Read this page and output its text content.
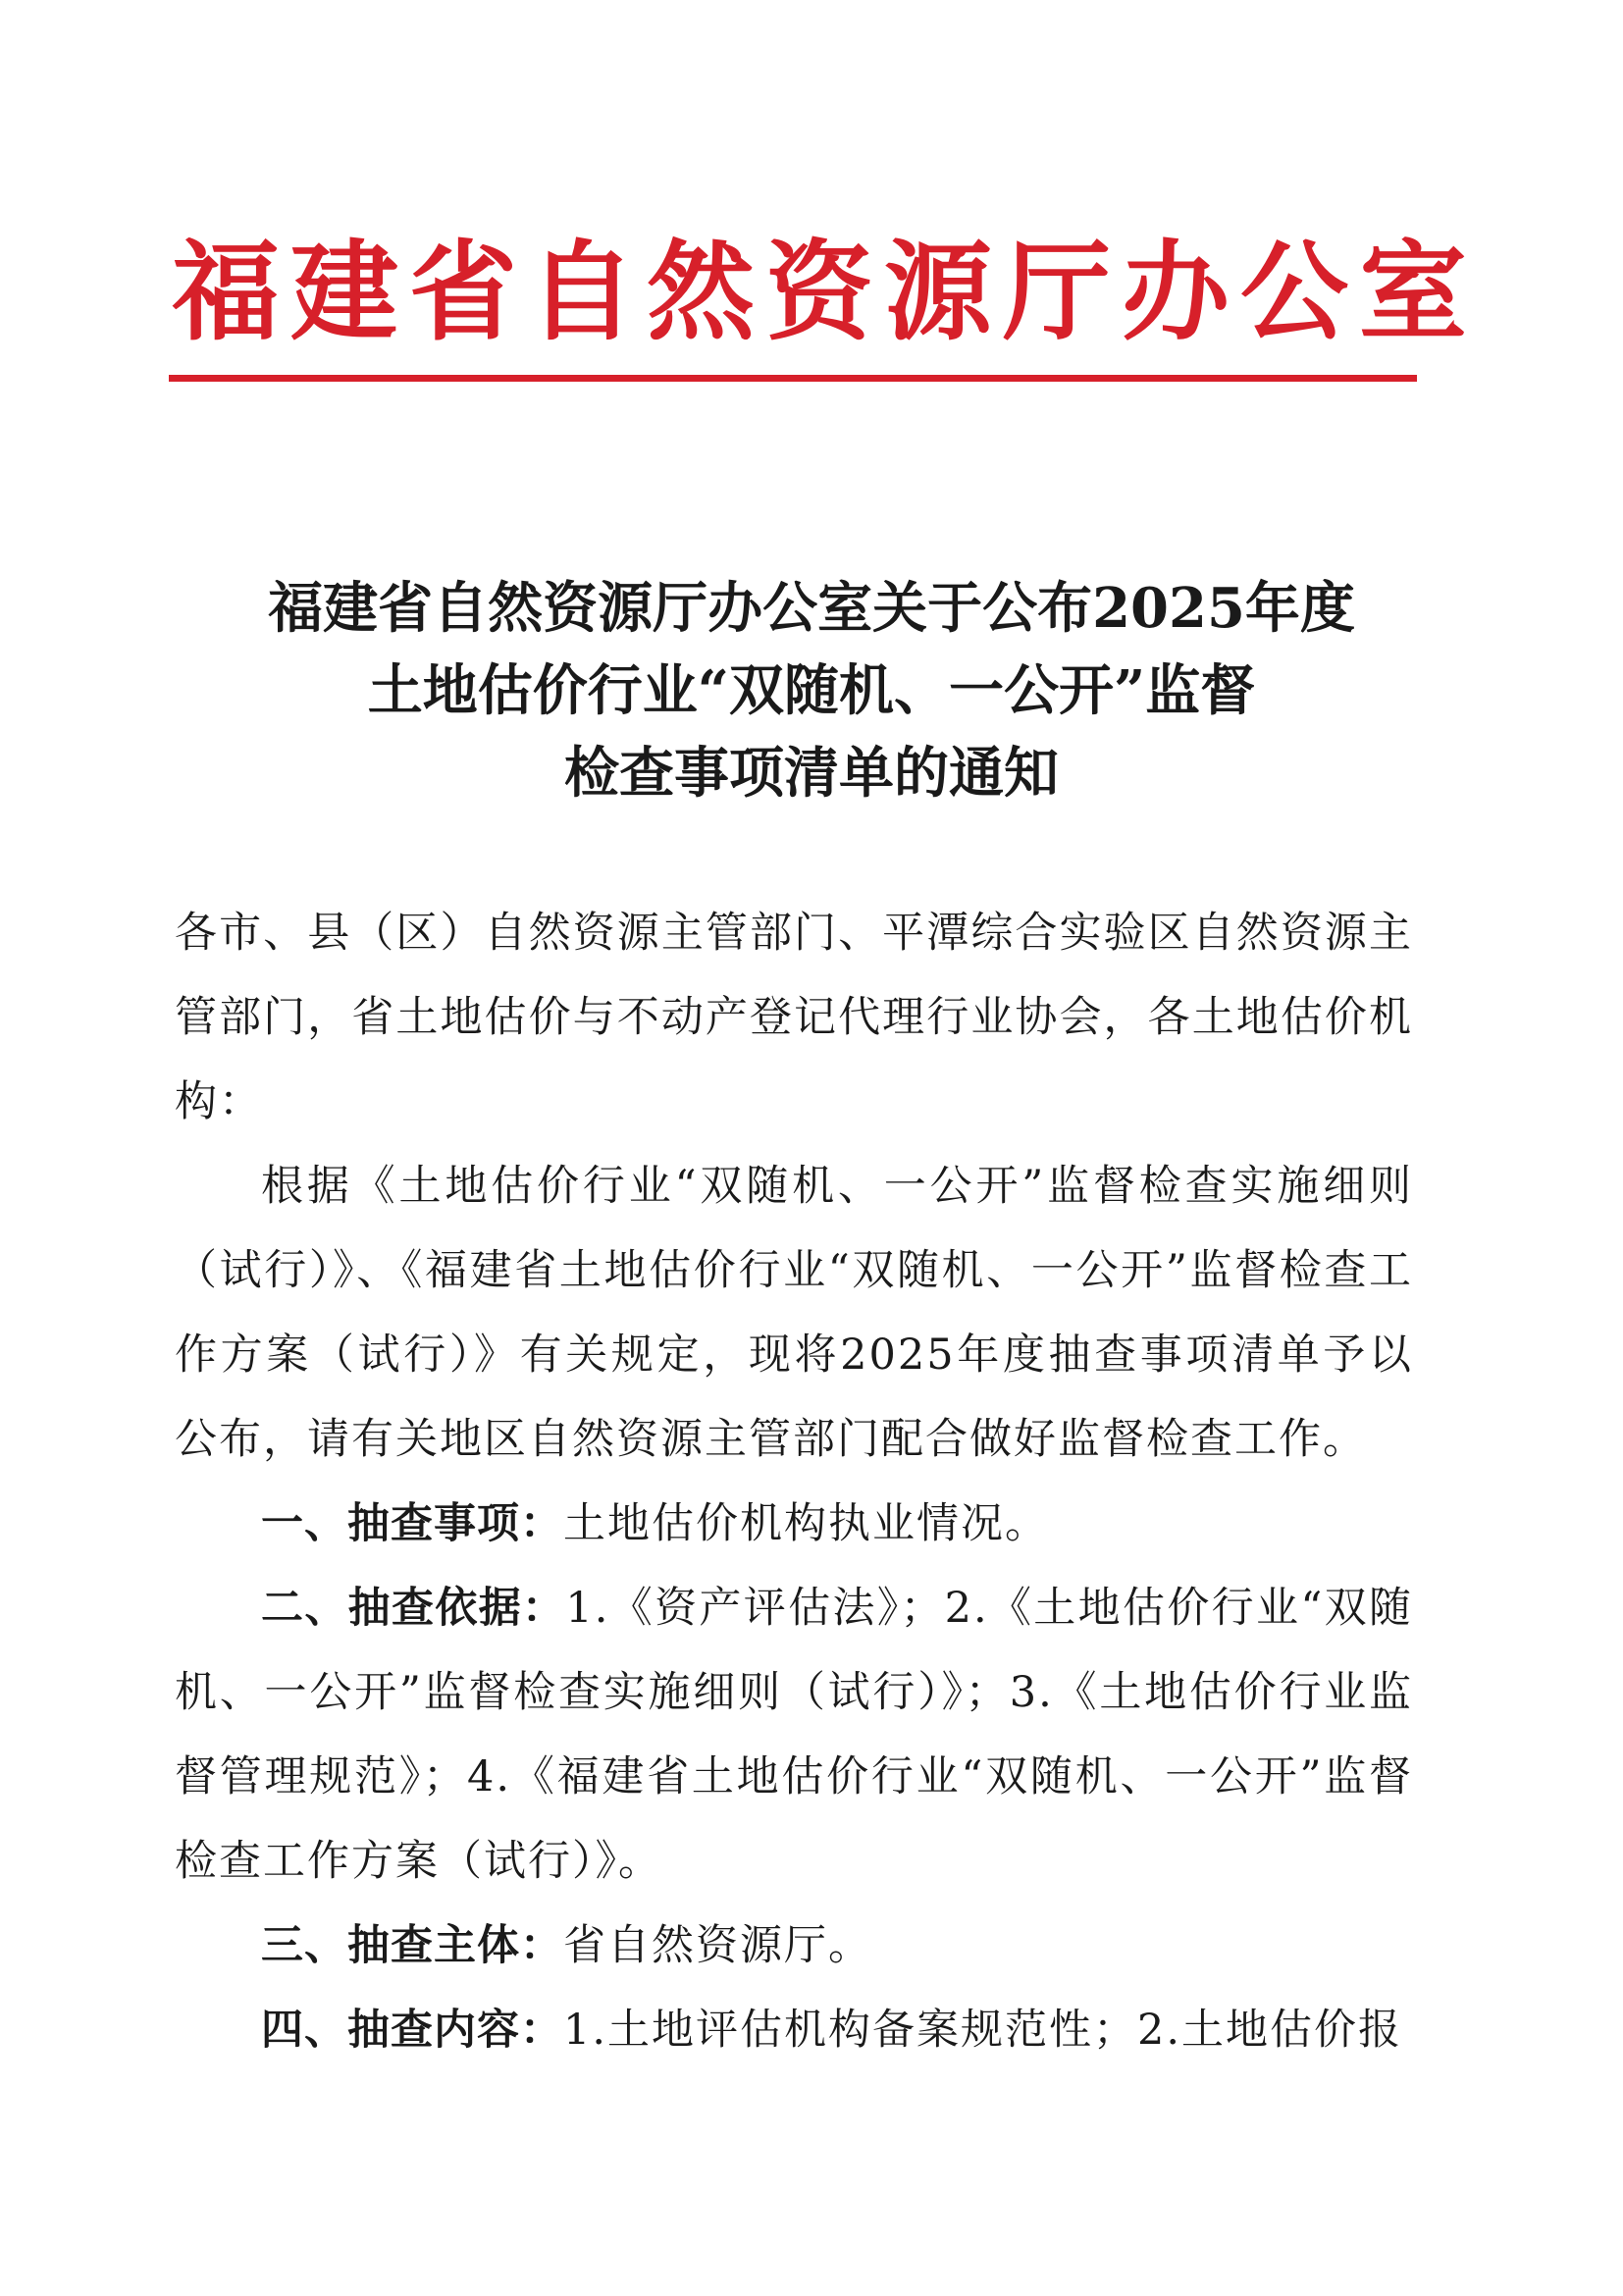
福建省自然资源厅办公室
福建省自然资源厅办公室关于公布2025年度
土地估价行业“双随机、一公开”监督
检查事项清单的通知

各市、县（区）自然资源主管部门、平潭综合实验区自然资源主管部门，省土地估价与不动产登记代理行业协会，各土地估价机构：

根据《土地估价行业“双随机、一公开”监督检查实施细则（试行）》、《福建省土地估价行业“双随机、一公开”监督检查工作方案（试行）》有关规定，现将2025年度抽查事项清单予以公布，请有关地区自然资源主管部门配合做好监督检查工作。

一、抽查事项：土地估价机构执业情况。

二、抽查依据：1.《资产评估法》；2.《土地估价行业“双随机、一公开”监督检查实施细则（试行）》；3.《土地估价行业监督管理规范》；4.《福建省土地估价行业“双随机、一公开”监督检查工作方案（试行）》。

三、抽查主体：省自然资源厅。

四、抽查内容：1.土地评估机构备案规范性；2.土地估价报
